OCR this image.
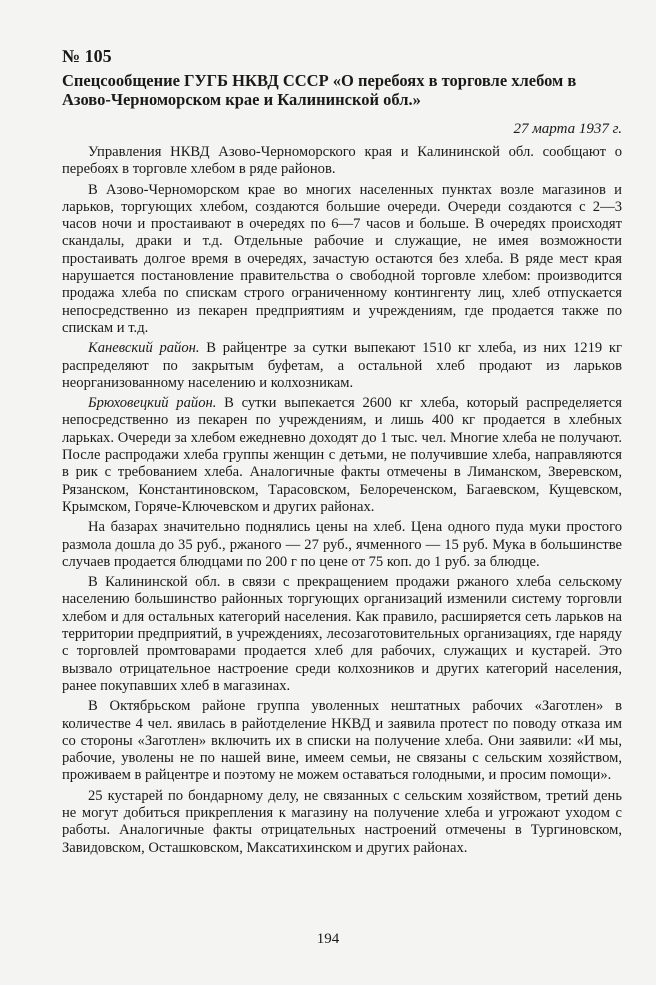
№ 105
Спецсообщение ГУГБ НКВД СССР «О перебоях в торговле хлебом в Азово-Черноморском крае и Калининской обл.»
27 марта 1937 г.

Управления НКВД Азово-Черноморского края и Калининской обл. сообщают о перебоях в торговле хлебом в ряде районов.

В Азово-Черноморском крае во многих населенных пунктах возле магазинов и ларьков, торгующих хлебом, создаются большие очереди. Очереди создаются с 2—3 часов ночи и простаивают в очередях по 6—7 часов и больше. В очередях происходят скандалы, драки и т.д. Отдельные рабочие и служащие, не имея возможности простаивать долгое время в очередях, зачастую остаются без хлеба. В ряде мест края нарушается постановление правительства о свободной торговле хлебом: производится продажа хлеба по спискам строго ограниченному контингенту лиц, хлеб отпускается непосредственно из пекарен предприятиям и учреждениям, где продается также по спискам и т.д.

Каневский район. В райцентре за сутки выпекают 1510 кг хлеба, из них 1219 кг распределяют по закрытым буфетам, а остальной хлеб продают из ларьков неорганизованному населению и колхозникам.

Брюховецкий район. В сутки выпекается 2600 кг хлеба, который распределяется непосредственно из пекарен по учреждениям, и лишь 400 кг продается в хлебных ларьках. Очереди за хлебом ежедневно доходят до 1 тыс. чел. Многие хлеба не получают. После распродажи хлеба группы женщин с детьми, не получившие хлеба, направляются в рик с требованием хлеба. Аналогичные факты отмечены в Лиманском, Зверевском, Рязанском, Константиновском, Тарасовском, Белореченском, Багаевском, Кущевском, Крымском, Горяче-Ключевском и других районах.

На базарах значительно поднялись цены на хлеб. Цена одного пуда муки простого размола дошла до 35 руб., ржаного — 27 руб., ячменного — 15 руб. Мука в большинстве случаев продается блюдцами по 200 г по цене от 75 коп. до 1 руб. за блюдце.

В Калининской обл. в связи с прекращением продажи ржаного хлеба сельскому населению большинство районных торгующих организаций изменили систему торговли хлебом и для остальных категорий населения. Как правило, расширяется сеть ларьков на территории предприятий, в учреждениях, лесозаготовительных организациях, где наряду с торговлей промтоварами продается хлеб для рабочих, служащих и кустарей. Это вызвало отрицательное настроение среди колхозников и других категорий населения, ранее покупавших хлеб в магазинах.

В Октябрьском районе группа уволенных нештатных рабочих «Заготлен» в количестве 4 чел. явилась в райотделение НКВД и заявила протест по поводу отказа им со стороны «Заготлен» включить их в списки на получение хлеба. Они заявили: «И мы, рабочие, уволены не по нашей вине, имеем семьи, не связаны с сельским хозяйством, проживаем в райцентре и поэтому не можем оставаться голодными, и просим помощи».

25 кустарей по бондарному делу, не связанных с сельским хозяйством, третий день не могут добиться прикрепления к магазину на получение хлеба и угрожают уходом с работы. Аналогичные факты отрицательных настроений отмечены в Тургиновском, Завидовском, Осташковском, Максатихинском и других районах.

194
